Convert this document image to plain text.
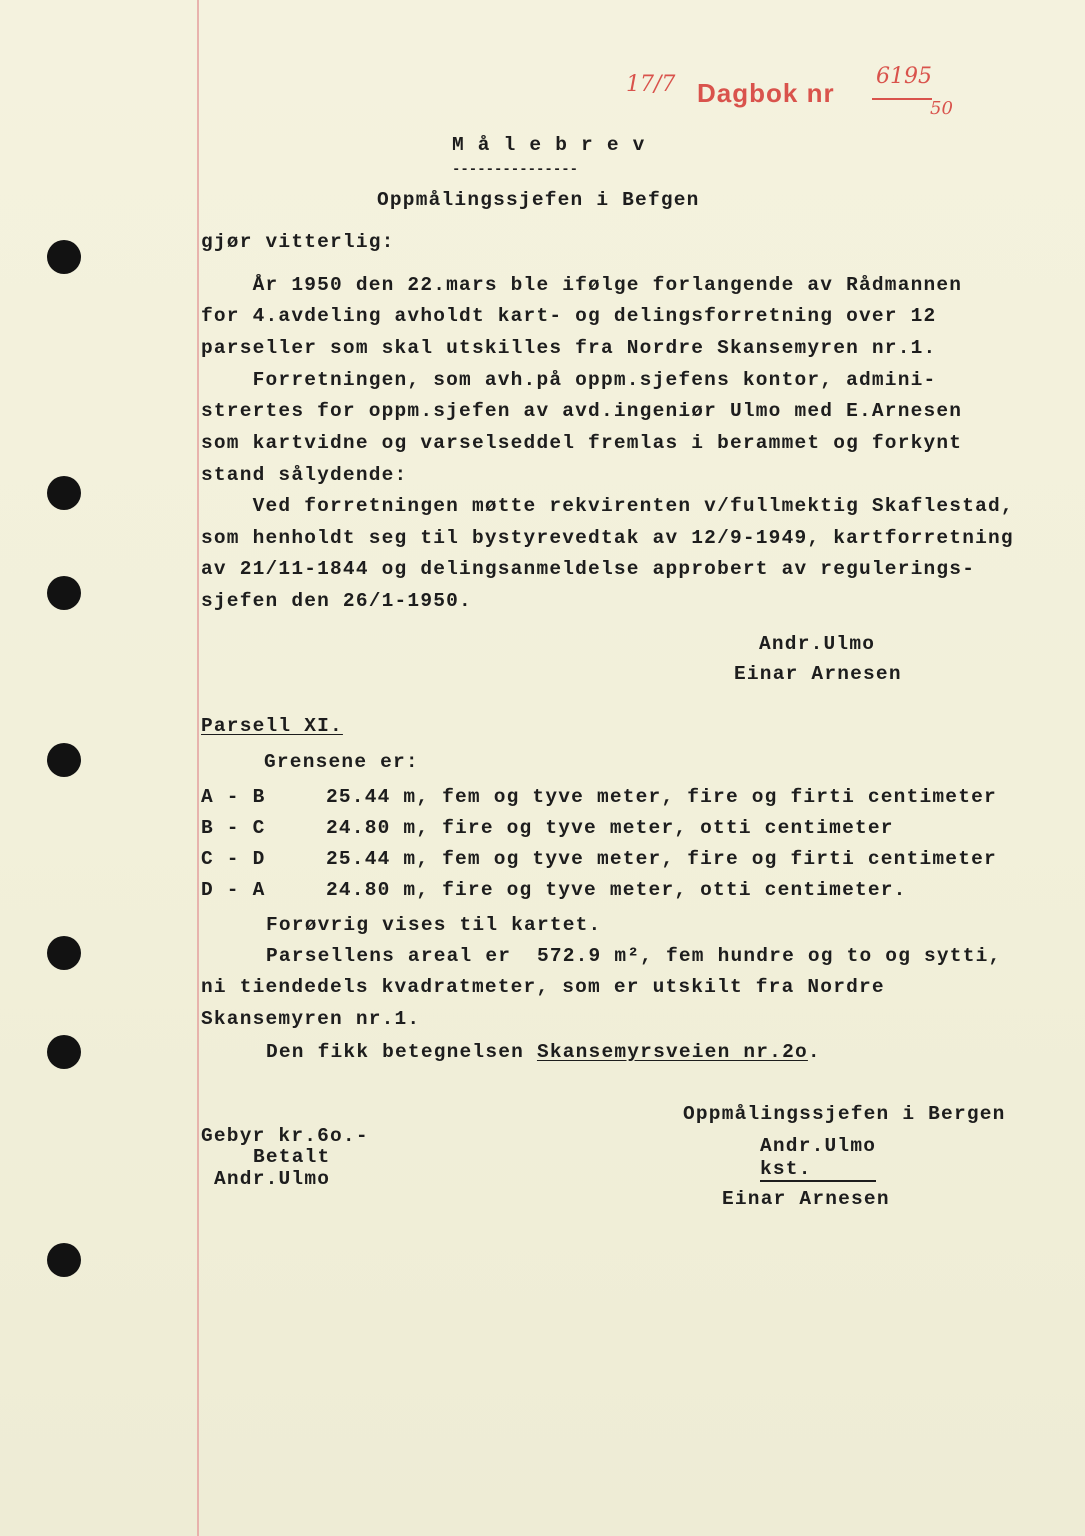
17/7 Dagbok nr
6195
50
M å l e b r e v
---------------
Oppmålingssjefen i Befgen
gjør vitterlig:
År 1950 den 22.mars ble ifølge forlangende av Rådmannen
for 4.avdeling avholdt kart- og delingsforretning over 12
parseller som skal utskilles fra Nordre Skansemyren nr.1.
Forretningen, som avh.på oppm.sjefens kontor, admini-
strertes for oppm.sjefen av avd.ingeniør Ulmo med E.Arnesen
som kartvidne og varselseddel fremlas i berammet og forkynt
stand sålydende:
Ved forretningen møtte rekvirenten v/fullmektig Skaflestad,
som henholdt seg til bystyrevedtak av 12/9-1949, kartforretning
av 21/11-1844 og delingsanmeldelse approbert av regulerings-
sjefen den 26/1-1950.
Andr.Ulmo
Einar Arnesen
Parsell XI.
Grensene er:
A - B	25.44 m, fem og tyve meter, fire og firti centimeter
B - C	24.80 m, fire og tyve meter, otti centimeter
C - D	25.44 m, fem og tyve meter, fire og firti centimeter
D - A	24.80 m, fire og tyve meter, otti centimeter.
Forøvrig vises til kartet.
Parsellens areal er  572.9 m², fem hundre og to og sytti,
ni tiendedels kvadratmeter, som er utskilt fra Nordre
Skansemyren nr.1.
Den fikk betegnelsen Skansemyrsveien nr.2o.
Gebyr kr.6o.-
Betalt
Andr.Ulmo
Oppmålingssjefen i Bergen
Andr.Ulmo
kst.
Einar Arnesen
